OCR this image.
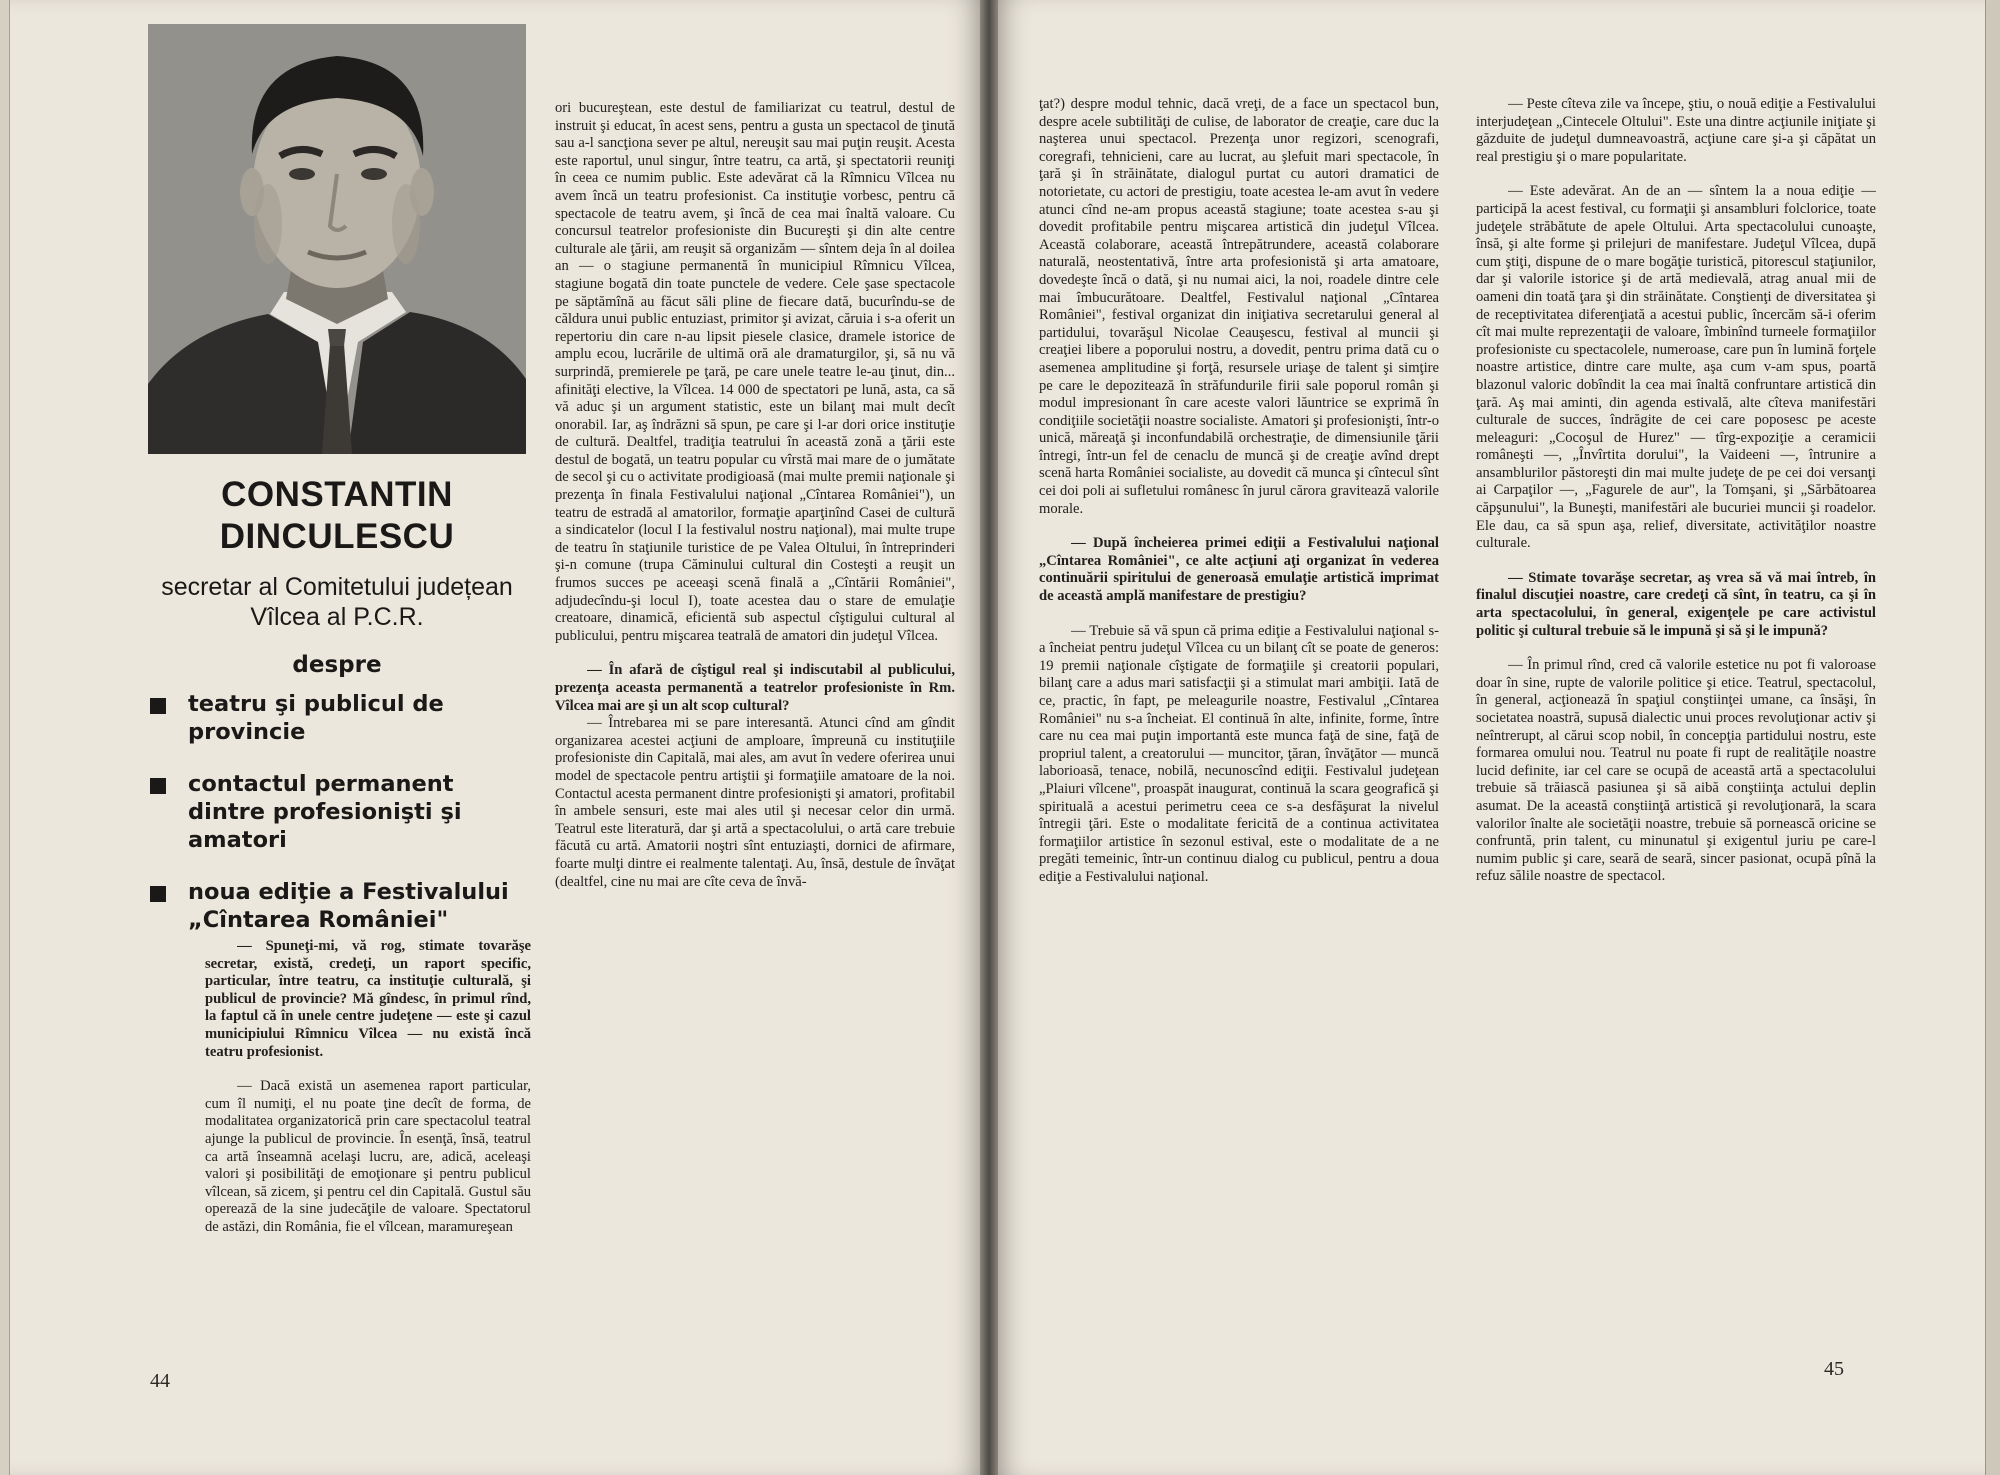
CONSTANTIN DINCULESCU
secretar al Comitetului județean Vîlcea al P.C.R.
despre
teatru şi publicul de provincie
contactul permanent dintre profesionişti şi amatori
noua ediţie a Festivalului „Cîntarea României"

— Spuneţi-mi, vă rog, stimate tovarăşe secretar, există, credeţi, un raport specific, particular, între teatru, ca instituţie culturală, şi publicul de provincie? Mă gîndesc, în primul rînd, la faptul că în unele centre judeţene — este şi cazul municipiului Rîmnicu Vîlcea — nu există încă teatru profesionist.

— Dacă există un asemenea raport particular, cum îl numiţi, el nu poate ţine decît de forma, de modalitatea organizatorică prin care spectacolul teatral ajunge la publicul de provincie. În esenţă, însă, teatrul ca artă înseamnă acelaşi lucru, are, adică, aceleaşi valori şi posibilităţi de emoţionare şi pentru publicul vîlcean, să zicem, şi pentru cel din Capitală. Gustul său operează de la sine judecăţile de valoare. Spectatorul de astăzi, din România, fie el vîlcean, maramureşean

ori bucureştean, este destul de familiarizat cu teatrul, destul de instruit şi educat, în acest sens, pentru a gusta un spectacol de ţinută sau a-l sancţiona sever pe altul, nereuşit sau mai puţin reuşit. Acesta este raportul, unul singur, între teatru, ca artă, şi spectatorii reuniţi în ceea ce numim public. Este adevărat că la Rîmnicu Vîlcea nu avem încă un teatru profesionist. Ca instituţie vorbesc, pentru că spectacole de teatru avem, şi încă de cea mai înaltă valoare. Cu concursul teatrelor profesioniste din Bucureşti şi din alte centre culturale ale ţării, am reuşit să organizăm — sîntem deja în al doilea an — o stagiune permanentă în municipiul Rîmnicu Vîlcea, stagiune bogată din toate punctele de vedere. Cele şase spectacole pe săptămînă au făcut săli pline de fiecare dată, bucurîndu-se de căldura unui public entuziast, primitor şi avizat, căruia i s-a oferit un repertoriu din care n-au lipsit piesele clasice, dramele istorice de amplu ecou, lucrările de ultimă oră ale dramaturgilor, şi, să nu vă surprindă, premierele pe ţară, pe care unele teatre le-au ţinut, din... afinităţi elective, la Vîlcea. 14 000 de spectatori pe lună, asta, ca să vă aduc şi un argument statistic, este un bilanţ mai mult decît onorabil. Iar, aş îndrăzni să spun, pe care şi l-ar dori orice instituţie de cultură. Dealtfel, tradiţia teatrului în această zonă a ţării este destul de bogată, un teatru popular cu vîrstă mai mare de o jumătate de secol şi cu o activitate prodigioasă (mai multe premii naţionale şi prezenţa în finala Festivalului naţional „Cîntarea României"), un teatru de estradă al amatorilor, formaţie aparţinînd Casei de cultură a sindicatelor (locul I la festivalul nostru naţional), mai multe trupe de teatru în staţiunile turistice de pe Valea Oltului, în întreprinderi şi-n comune (trupa Căminului cultural din Costeşti a reuşit un frumos succes pe aceeaşi scenă finală a „Cîntării României", adjudecîndu-şi locul I), toate acestea dau o stare de emulaţie creatoare, dinamică, eficientă sub aspectul cîştigului cultural al publicului, pentru mişcarea teatrală de amatori din judeţul Vîlcea.

— În afară de cîştigul real şi indiscutabil al publicului, prezenţa aceasta permanentă a teatrelor profesioniste în Rm. Vîlcea mai are şi un alt scop cultural?

— Întrebarea mi se pare interesantă. Atunci cînd am gîndit organizarea acestei acţiuni de amploare, împreună cu instituţiile profesioniste din Capitală, mai ales, am avut în vedere oferirea unui model de spectacole pentru artiştii şi formaţiile amatoare de la noi. Contactul acesta permanent dintre profesionişti şi amatori, profitabil în ambele sensuri, este mai ales util şi necesar celor din urmă. Teatrul este literatură, dar şi artă a spectacolului, o artă care trebuie făcută cu artă. Amatorii noştri sînt entuziaşti, dornici de afirmare, foarte mulţi dintre ei realmente talentaţi. Au, însă, destule de învăţat (dealtfel, cine nu mai are cîte ceva de învă-

44

ţat?) despre modul tehnic, dacă vreţi, de a face un spectacol bun, despre acele subtilităţi de culise, de laborator de creaţie, care duc la naşterea unui spectacol. Prezenţa unor regizori, scenografi, coregrafi, tehnicieni, care au lucrat, au şlefuit mari spectacole, în ţară şi în străinătate, dialogul purtat cu autori dramatici de notorietate, cu actori de prestigiu, toate acestea le-am avut în vedere atunci cînd ne-am propus această stagiune; toate acestea s-au şi dovedit profitabile pentru mişcarea artistică din judeţul Vîlcea. Această colaborare, această întrepătrundere, această colaborare naturală, neostentativă, între arta profesionistă şi arta amatoare, dovedeşte încă o dată, şi nu numai aici, la noi, roadele dintre cele mai îmbucurătoare. Dealtfel, Festivalul naţional „Cîntarea României", festival organizat din iniţiativa secretarului general al partidului, tovarăşul Nicolae Ceauşescu, festival al muncii şi creaţiei libere a poporului nostru, a dovedit, pentru prima dată cu o asemenea amplitudine şi forţă, resursele uriaşe de talent şi simţire pe care le depozitează în străfundurile firii sale poporul român şi modul impresionant în care aceste valori lăuntrice se exprimă în condiţiile societăţii noastre socialiste. Amatori şi profesionişti, într-o unică, măreaţă şi inconfundabilă orchestraţie, de dimensiunile ţării întregi, într-un fel de cenaclu de muncă şi de creaţie avînd drept scenă harta României socialiste, au dovedit că munca şi cîntecul sînt cei doi poli ai sufletului românesc în jurul cărora gravitează valorile morale.

— După încheierea primei ediţii a Festivalului naţional „Cîntarea României", ce alte acţiuni aţi organizat în vederea continuării spiritului de generoasă emulaţie artistică imprimat de această amplă manifestare de prestigiu?

— Trebuie să vă spun că prima ediţie a Festivalului naţional s-a încheiat pentru judeţul Vîlcea cu un bilanţ cît se poate de generos: 19 premii naţionale cîştigate de formaţiile şi creatorii populari, bilanţ care a adus mari satisfacţii şi a stimulat mari ambiţii. Iată de ce, practic, în fapt, pe meleagurile noastre, Festivalul „Cîntarea României" nu s-a încheiat. El continuă în alte, infinite, forme, între care nu cea mai puţin importantă este munca faţă de sine, faţă de propriul talent, a creatorului — muncitor, ţăran, învăţător — muncă laborioasă, tenace, nobilă, necunoscînd ediţii. Festivalul judeţean „Plaiuri vîlcene", proaspăt inaugurat, continuă la scara geografică şi spirituală a acestui perimetru ceea ce s-a desfăşurat la nivelul întregii ţări. Este o modalitate fericită de a continua activitatea formaţiilor artistice în sezonul estival, este o modalitate de a ne pregăti temeinic, într-un continuu dialog cu publicul, pentru a doua ediţie a Festivalului naţional.

— Peste cîteva zile va începe, ştiu, o nouă ediţie a Festivalului interjudeţean „Cintecele Oltului". Este una dintre acţiunile iniţiate şi găzduite de judeţul dumneavoastră, acţiune care şi-a şi căpătat un real prestigiu şi o mare popularitate.

— Este adevărat. An de an — sîntem la a noua ediţie — participă la acest festival, cu formaţii şi ansambluri folclorice, toate judeţele străbătute de apele Oltului. Arta spectacolului cunoaşte, însă, şi alte forme şi prilejuri de manifestare. Judeţul Vîlcea, după cum ştiţi, dispune de o mare bogăţie turistică, pitorescul staţiunilor, dar şi valorile istorice şi de artă medievală, atrag anual mii de oameni din toată ţara şi din străinătate. Conştienţi de diversitatea şi de receptivitatea diferenţiată a acestui public, încercăm să-i oferim cît mai multe reprezentaţii de valoare, îmbinînd turneele formaţiilor profesioniste cu spectacolele, numeroase, care pun în lumină forţele noastre artistice, dintre care multe, aşa cum v-am spus, poartă blazonul valoric dobîndit la cea mai înaltă confruntare artistică din ţară. Aş mai aminti, din agenda estivală, alte cîteva manifestări culturale de succes, îndrăgite de cei care poposesc pe aceste meleaguri: „Cocoşul de Hurez" — tîrg-expoziţie a ceramicii româneşti —, „Învîrtita dorului", la Vaideeni —, întrunire a ansamblurilor păstoreşti din mai multe judeţe de pe cei doi versanţi ai Carpaţilor —, „Fagurele de aur", la Tomşani, şi „Sărbătoarea căpşunului", la Buneşti, manifestări ale bucuriei muncii şi roadelor. Ele dau, ca să spun aşa, relief, diversitate, activităţilor noastre culturale.

— Stimate tovarăşe secretar, aş vrea să vă mai întreb, în finalul discuţiei noastre, care credeţi că sînt, în teatru, ca şi în arta spectacolului, în general, exigenţele pe care activistul politic şi cultural trebuie să le impună şi să şi le impună?

— În primul rînd, cred că valorile estetice nu pot fi valoroase doar în sine, rupte de valorile politice şi etice. Teatrul, spectacolul, în general, acţionează în spaţiul conştiinţei umane, ca însăşi, în societatea noastră, supusă dialectic unui proces revoluţionar activ şi neîntrerupt, al cărui scop nobil, în concepţia partidului nostru, este formarea omului nou. Teatrul nu poate fi rupt de realităţile noastre lucid definite, iar cel care se ocupă de această artă a spectacolului trebuie să trăiască pasiunea şi să aibă conştiinţa actului deplin asumat. De la această conştiinţă artistică şi revoluţionară, la scara valorilor înalte ale societăţii noastre, trebuie să pornească oricine se confruntă, prin talent, cu minunatul şi exigentul juriu pe care-l numim public şi care, seară de seară, sincer pasionat, ocupă pînă la refuz sălile noastre de spectacol.

45
